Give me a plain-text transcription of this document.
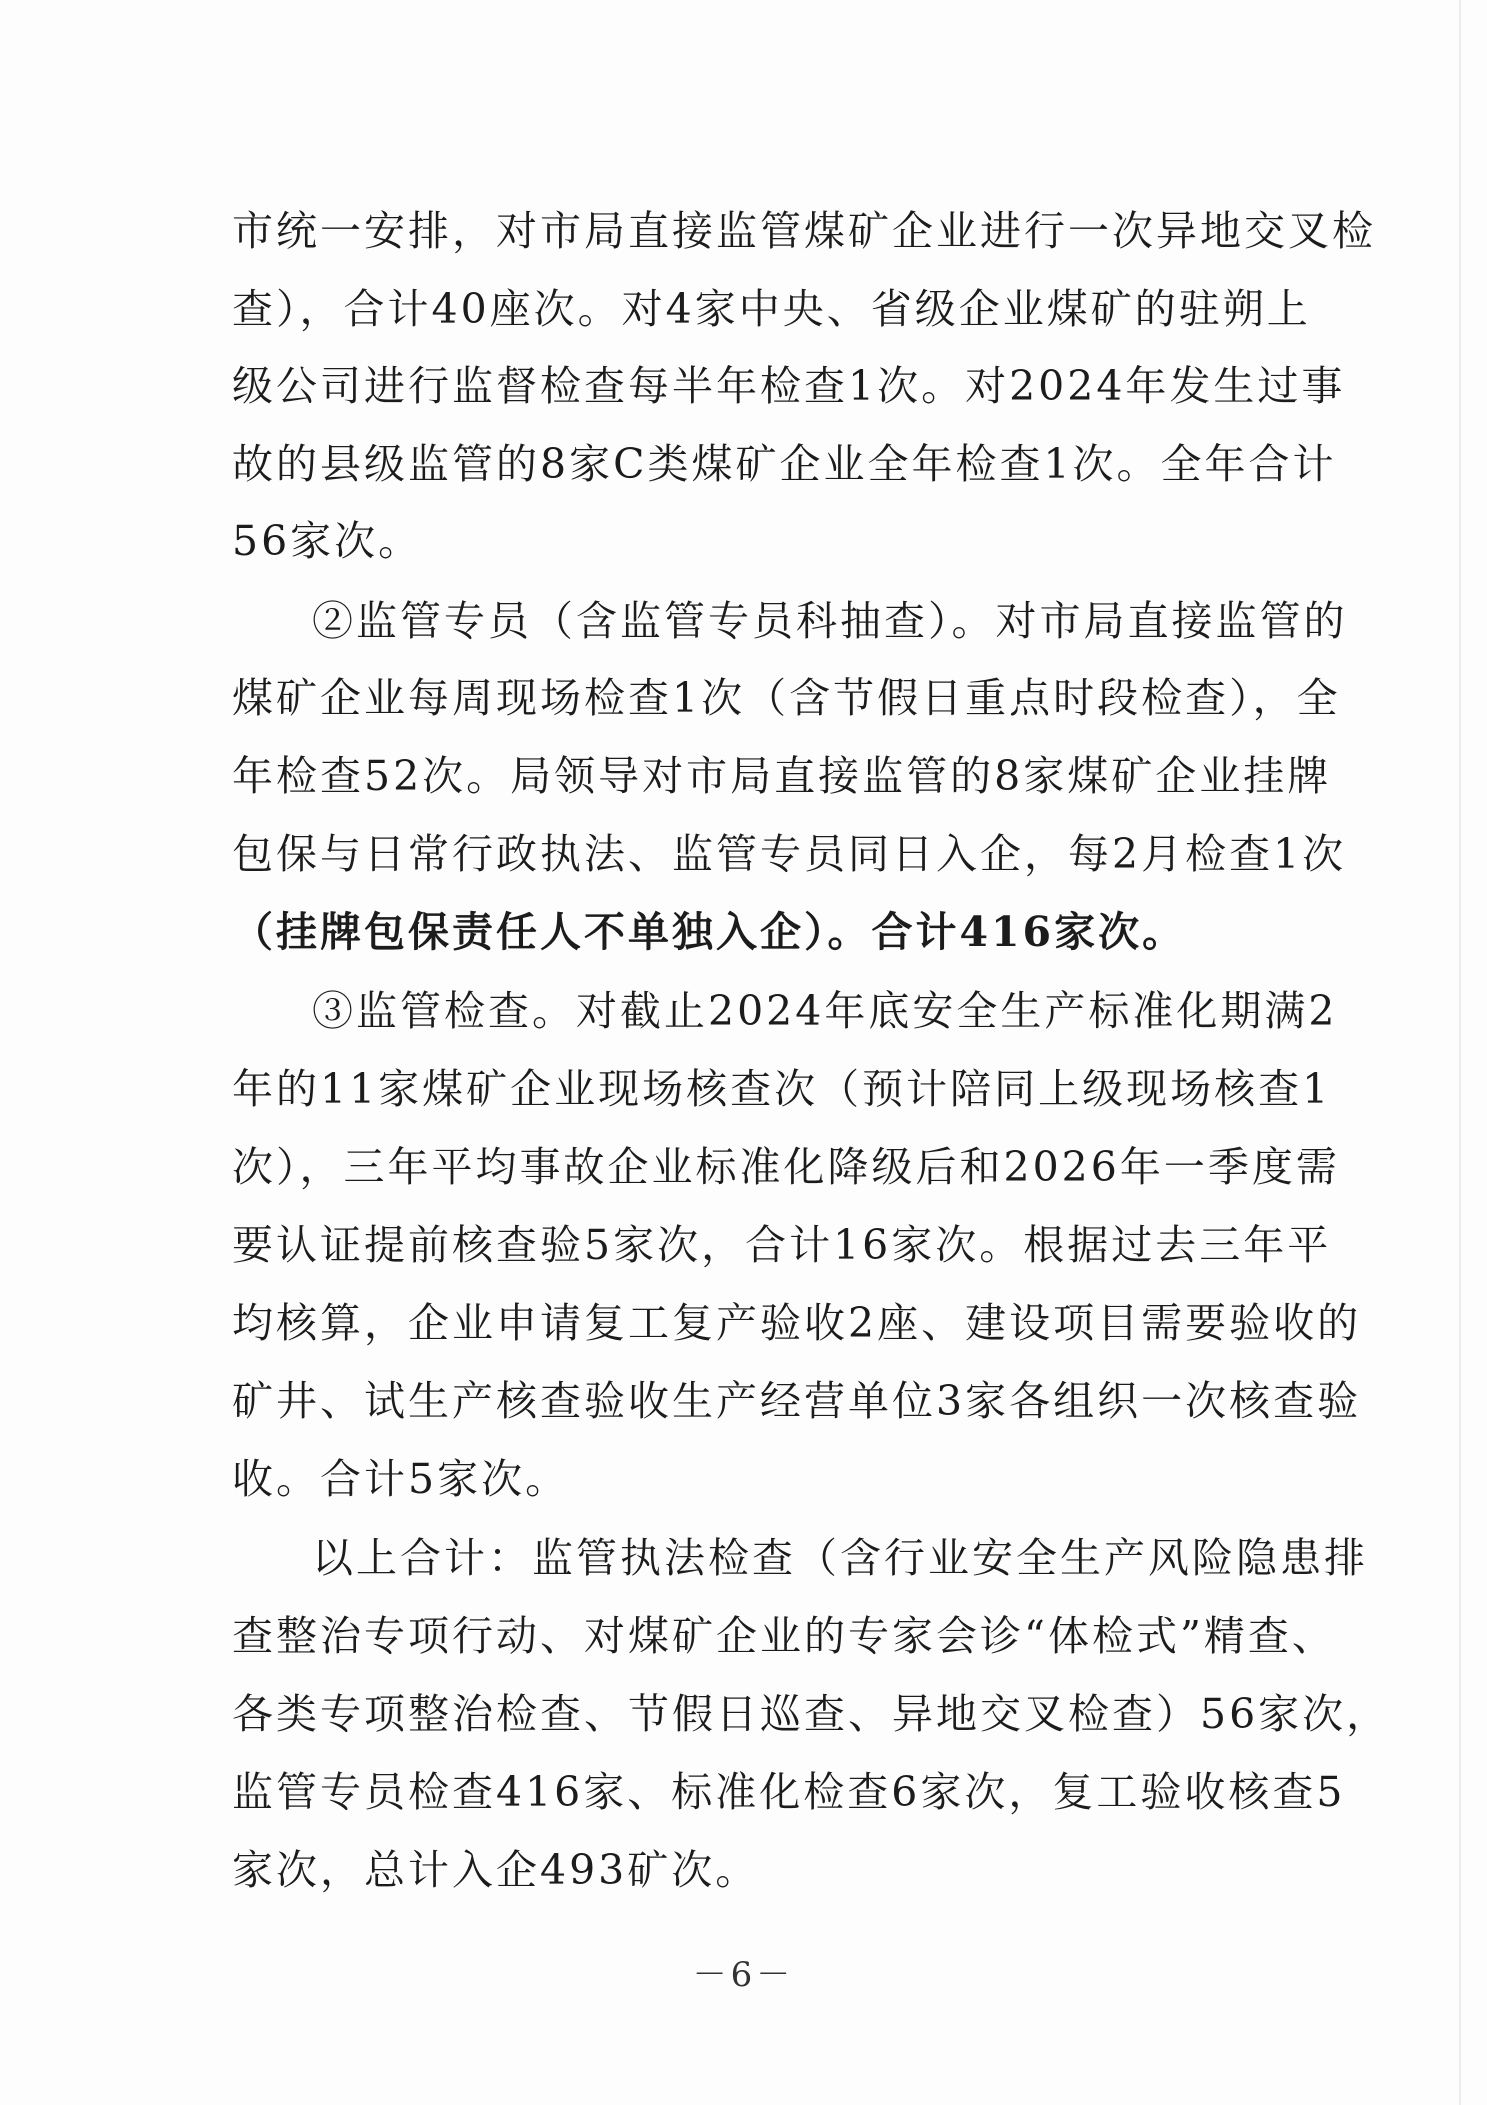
市统一安排，对市局直接监管煤矿企业进行一次异地交叉检
查），合计40座次。对4家中央、省级企业煤矿的驻朔上
级公司进行监督检查每半年检查1次。对2024年发生过事
故的县级监管的8家C类煤矿企业全年检查1次。全年合计
56家次。
②监管专员（含监管专员科抽查）。对市局直接监管的
煤矿企业每周现场检查1次（含节假日重点时段检查），全
年检查52次。局领导对市局直接监管的8家煤矿企业挂牌
包保与日常行政执法、监管专员同日入企，每2月检查1次
（挂牌包保责任人不单独入企）。合计416家次。
③监管检查。对截止2024年底安全生产标准化期满2
年的11家煤矿企业现场核查次（预计陪同上级现场核查1
次），三年平均事故企业标准化降级后和2026年一季度需
要认证提前核查验5家次，合计16家次。根据过去三年平
均核算，企业申请复工复产验收2座、建设项目需要验收的
矿井、试生产核查验收生产经营单位3家各组织一次核查验
收。合计5家次。
以上合计：监管执法检查（含行业安全生产风险隐患排
查整治专项行动、对煤矿企业的专家会诊“体检式”精查、
各类专项整治检查、节假日巡查、异地交叉检查）56家次，
监管专员检查416家、标准化检查6家次，复工验收核查5
家次，总计入企493矿次。
－6－
